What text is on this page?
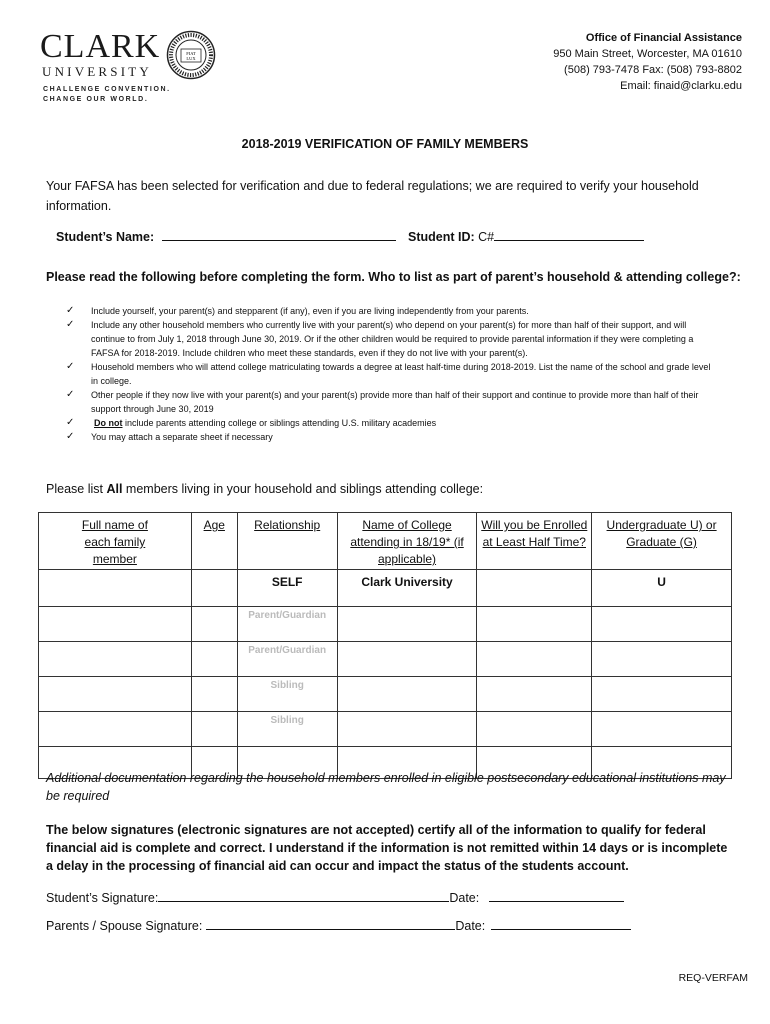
CLARK
UNIVERSITY
FIAT
LUX
CHALLENGE CONVENTION.
CHANGE OUR WORLD.
Office of Financial Assistance
950 Main Street, Worcester, MA 01610
(508) 793-7478 Fax: (508) 793-8802
Email: finaid@clarku.edu
2018-2019 VERIFICATION OF FAMILY MEMBERS
Your FAFSA has been selected for verification and due to federal regulations; we are required to verify your household information.
Student’s Name:	Student ID: C#
Please read the following before completing the form. Who to list as part of parent’s household & attending college?:
✓ Include yourself, your parent(s) and stepparent (if any), even if you are living independently from your parents.
✓ Include any other household members who currently live with your parent(s) who depend on your parent(s) for more than half of their support, and will continue to from July 1, 2018 through June 30, 2019. Or if the other children would be required to provide parental information if they were completing a FAFSA for 2018-2019. Include children who meet these standards, even if they do not live with your parent(s).
✓ Household members who will attend college matriculating towards a degree at least half-time during 2018-2019. List the name of the school and grade level in college.
✓ Other people if they now live with your parent(s) and your parent(s) provide more than half of their support and continue to provide more than half of their support through June 30, 2019
✓ Do not include parents attending college or siblings attending U.S. military academies
✓ You may attach a separate sheet if necessary
Please list All members living in your household and siblings attending college:
Full name of each family member	Age	Relationship	Name of College attending in 18/19* (if applicable)	Will you be Enrolled at Least Half Time?	Undergraduate U) or Graduate (G)
		SELF	Clark University		U
		Parent/Guardian			
		Parent/Guardian			
		Sibling			
		Sibling			

Additional documentation regarding the household members enrolled in eligible postsecondary educational institutions may be required
The below signatures (electronic signatures are not accepted) certify all of the information to qualify for federal financial aid is complete and correct. I understand if the information is not remitted within 14 days or is incomplete a delay in the processing of financial aid can occur and impact the status of the students account.
Student’s Signature:	Date:
Parents / Spouse Signature:	Date:
REQ-VERFAM
